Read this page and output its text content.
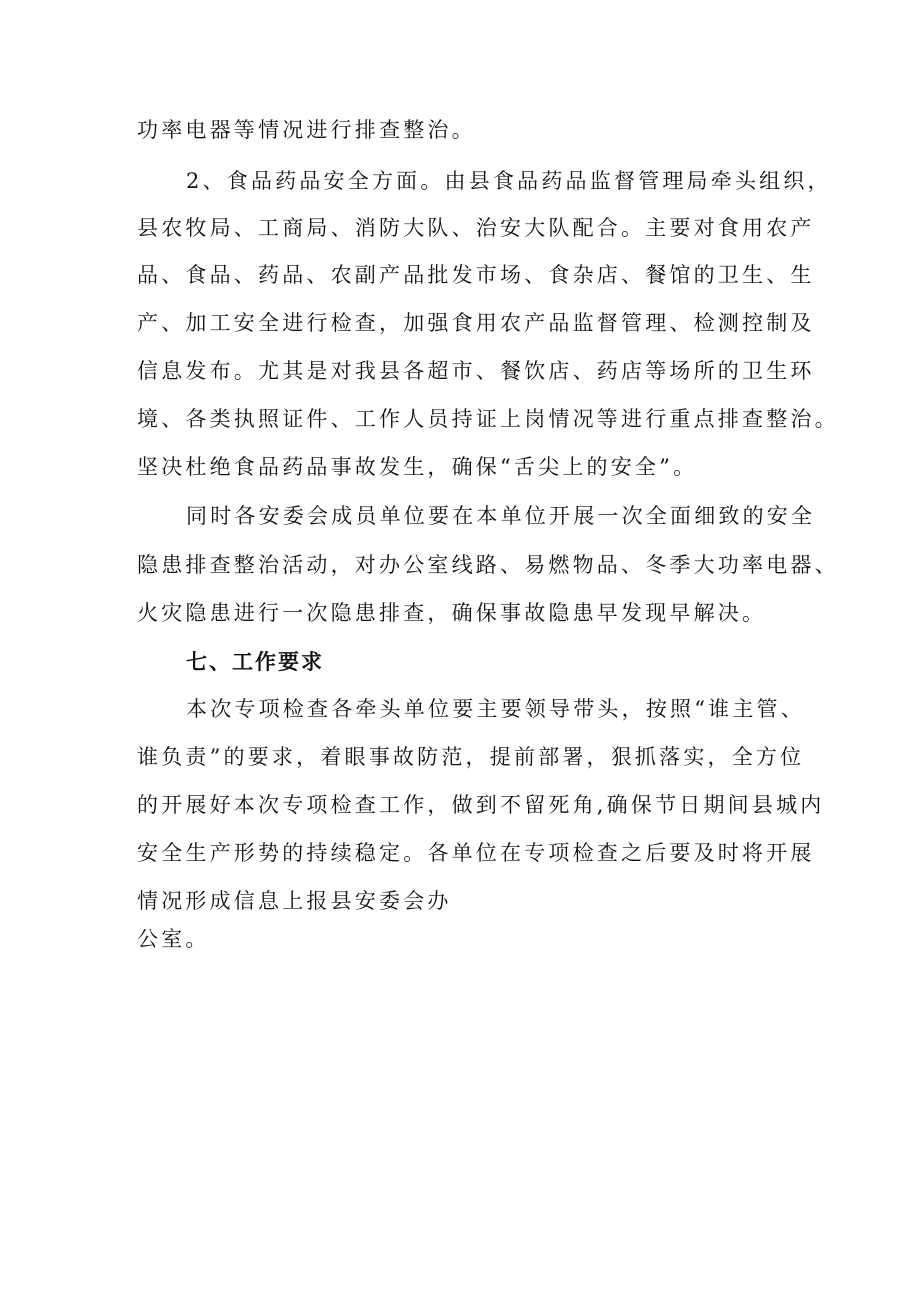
功率电器等情况进行排查整治。
2、食品药品安全方面。由县食品药品监督管理局牵头组织，
县农牧局、工商局、消防大队、治安大队配合。主要对食用农产
品、食品、药品、农副产品批发市场、食杂店、餐馆的卫生、生
产、加工安全进行检查，加强食用农产品监督管理、检测控制及
信息发布。尤其是对我县各超市、餐饮店、药店等场所的卫生环
境、各类执照证件、工作人员持证上岗情况等进行重点排查整治。
坚决杜绝食品药品事故发生，确保“舌尖上的安全”。
同时各安委会成员单位要在本单位开展一次全面细致的安全
隐患排查整治活动，对办公室线路、易燃物品、冬季大功率电器、
火灾隐患进行一次隐患排查，确保事故隐患早发现早解决。
七、工作要求
本次专项检查各牵头单位要主要领导带头，按照“谁主管、
谁负责”的要求，着眼事故防范，提前部署，狠抓落实，全方位
的开展好本次专项检查工作，做到不留死角,确保节日期间县城内
安全生产形势的持续稳定。各单位在专项检查之后要及时将开展
情况形成信息上报县安委会办
公室。
